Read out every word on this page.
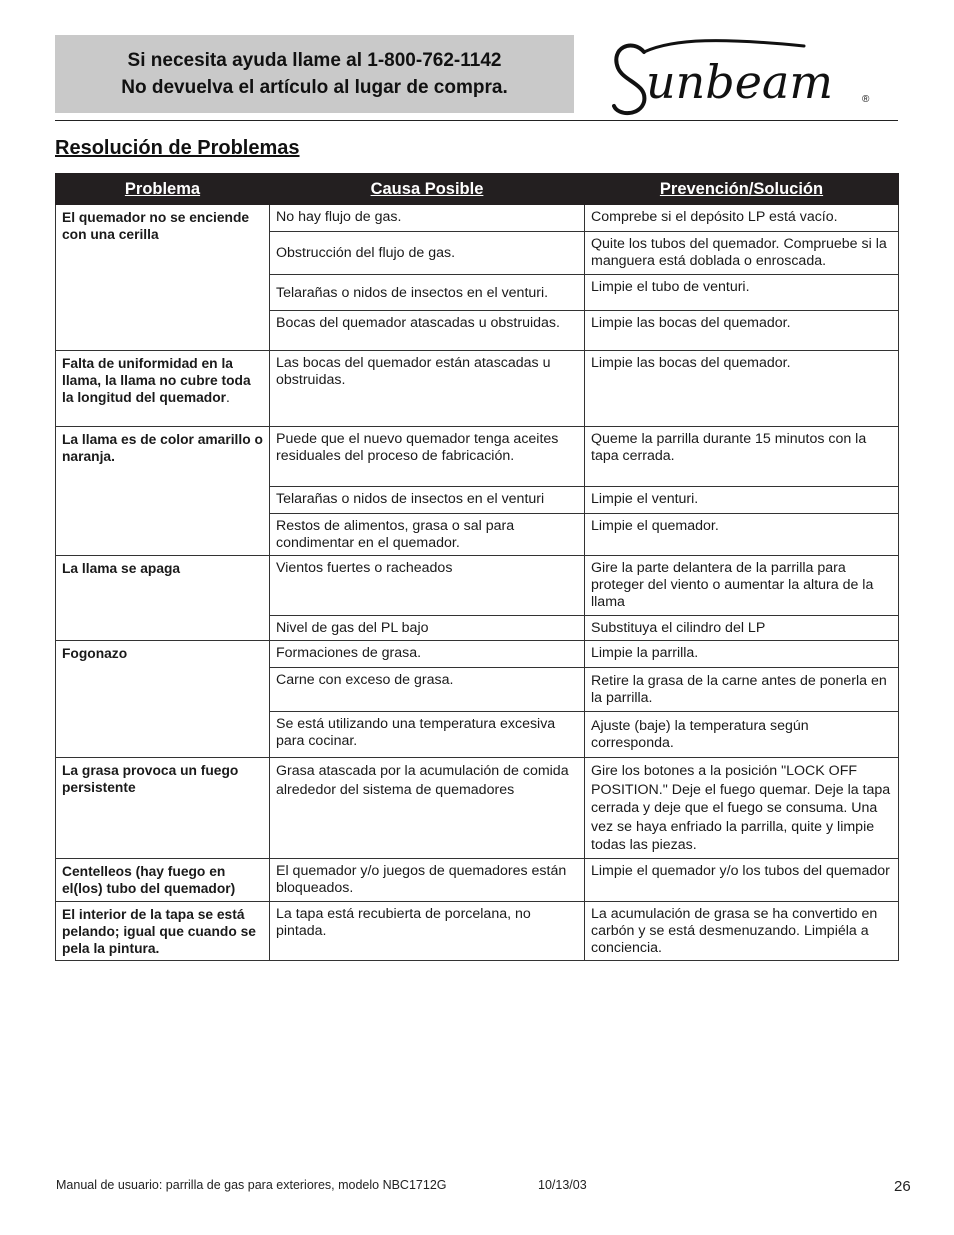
Si necesita ayuda llame al 1-800-762-1142
No devuelva el artículo al lugar de compra.	unbeam	®
Resolución de Problemas
Problema	Causa Posible	Prevención/Solución
El quemador no se enciende con una cerilla	No hay flujo de gas.	Comprebe si el depósito LP está vacío.
	Obstrucción del flujo de gas.	Quite los tubos del quemador. Compruebe si la manguera está doblada o enroscada.
	Telarañas o nidos de insectos en el venturi.	Limpie el tubo de venturi.
	Bocas del quemador atascadas u obstruidas.	Limpie las bocas del quemador.
Falta de uniformidad en la llama, la llama no cubre toda la longitud del quemador.	Las bocas del quemador están atascadas u obstruidas.	Limpie las bocas del quemador.
La llama es de color amarillo o naranja.	Puede que el nuevo quemador tenga aceites residuales del proceso de fabricación.	Queme la parrilla durante 15 minutos con la tapa cerrada.
	Telarañas o nidos de insectos en el venturi	Limpie el venturi.
	Restos de alimentos, grasa o sal para condimentar en el quemador.	Limpie el quemador.
La llama se apaga	Vientos fuertes o racheados	Gire la parte delantera de la parrilla para proteger del viento o aumentar la altura de la llama
	Nivel de gas del PL bajo	Substituya el cilindro del LP
Fogonazo	Formaciones de grasa.	Limpie la parrilla.
	Carne con exceso de grasa.	Retire la grasa de la carne antes de ponerla en la parrilla.
	Se está utilizando una temperatura excesiva para cocinar.	Ajuste (baje) la temperatura según corresponda.
La grasa provoca un fuego persistente	Grasa atascada por la acumulación de comida alrededor del sistema de quemadores	Gire los botones a la posición "LOCK OFF POSITION." Deje el fuego quemar. Deje la tapa cerrada y deje que el fuego se consuma. Una vez se haya enfriado la parrilla, quite y limpie todas las piezas.
Centelleos (hay fuego en el(los) tubo del quemador)	El quemador y/o juegos de quemadores están bloqueados.	Limpie el quemador y/o los tubos del quemador
El interior de la tapa se está pelando; igual que cuando se pela la pintura.	La tapa está recubierta de porcelana, no pintada.	La acumulación de grasa se ha convertido en carbón y se está desmenuzando. Limpiéla a conciencia.
Manual de usuario: parrilla de gas para exteriores, modelo NBC1712G	10/13/03	26
